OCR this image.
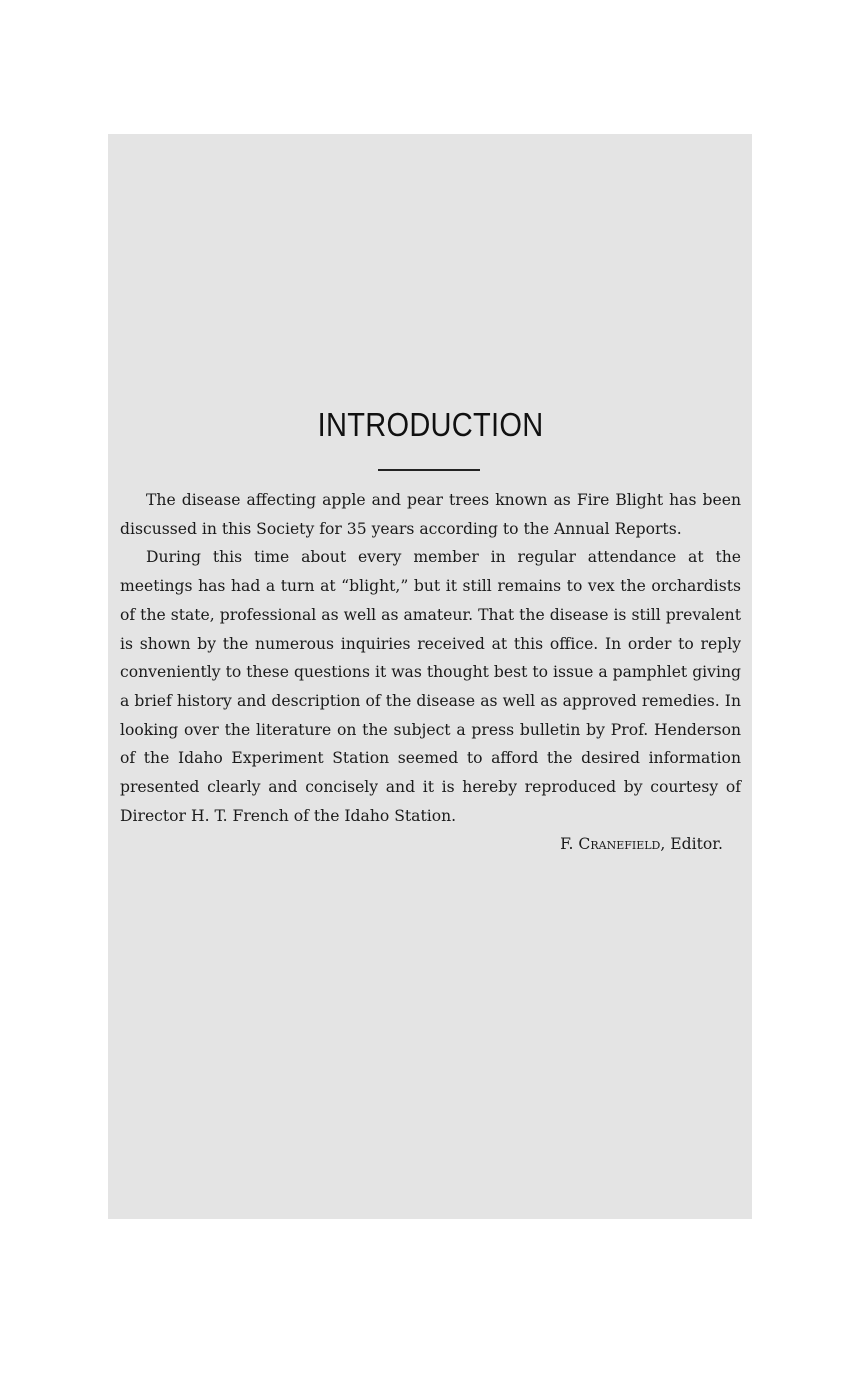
INTRODUCTION

The disease affecting apple and pear trees known as Fire Blight has been discussed in this Society for 35 years according to the Annual Reports.

During this time about every member in regular attendance at the meetings has had a turn at “blight,” but it still remains to vex the orchardists of the state, professional as well as amateur. That the disease is still prevalent is shown by the numerous inquiries received at this office. In order to reply conveniently to these questions it was thought best to issue a pamphlet giving a brief history and description of the disease as well as approved remedies. In looking over the literature on the subject a press bulletin by Prof. Henderson of the Idaho Experiment Station seemed to afford the desired information presented clearly and concisely and it is hereby reproduced by courtesy of Director H. T. French of the Idaho Station.

F. Cranefield, Editor.
